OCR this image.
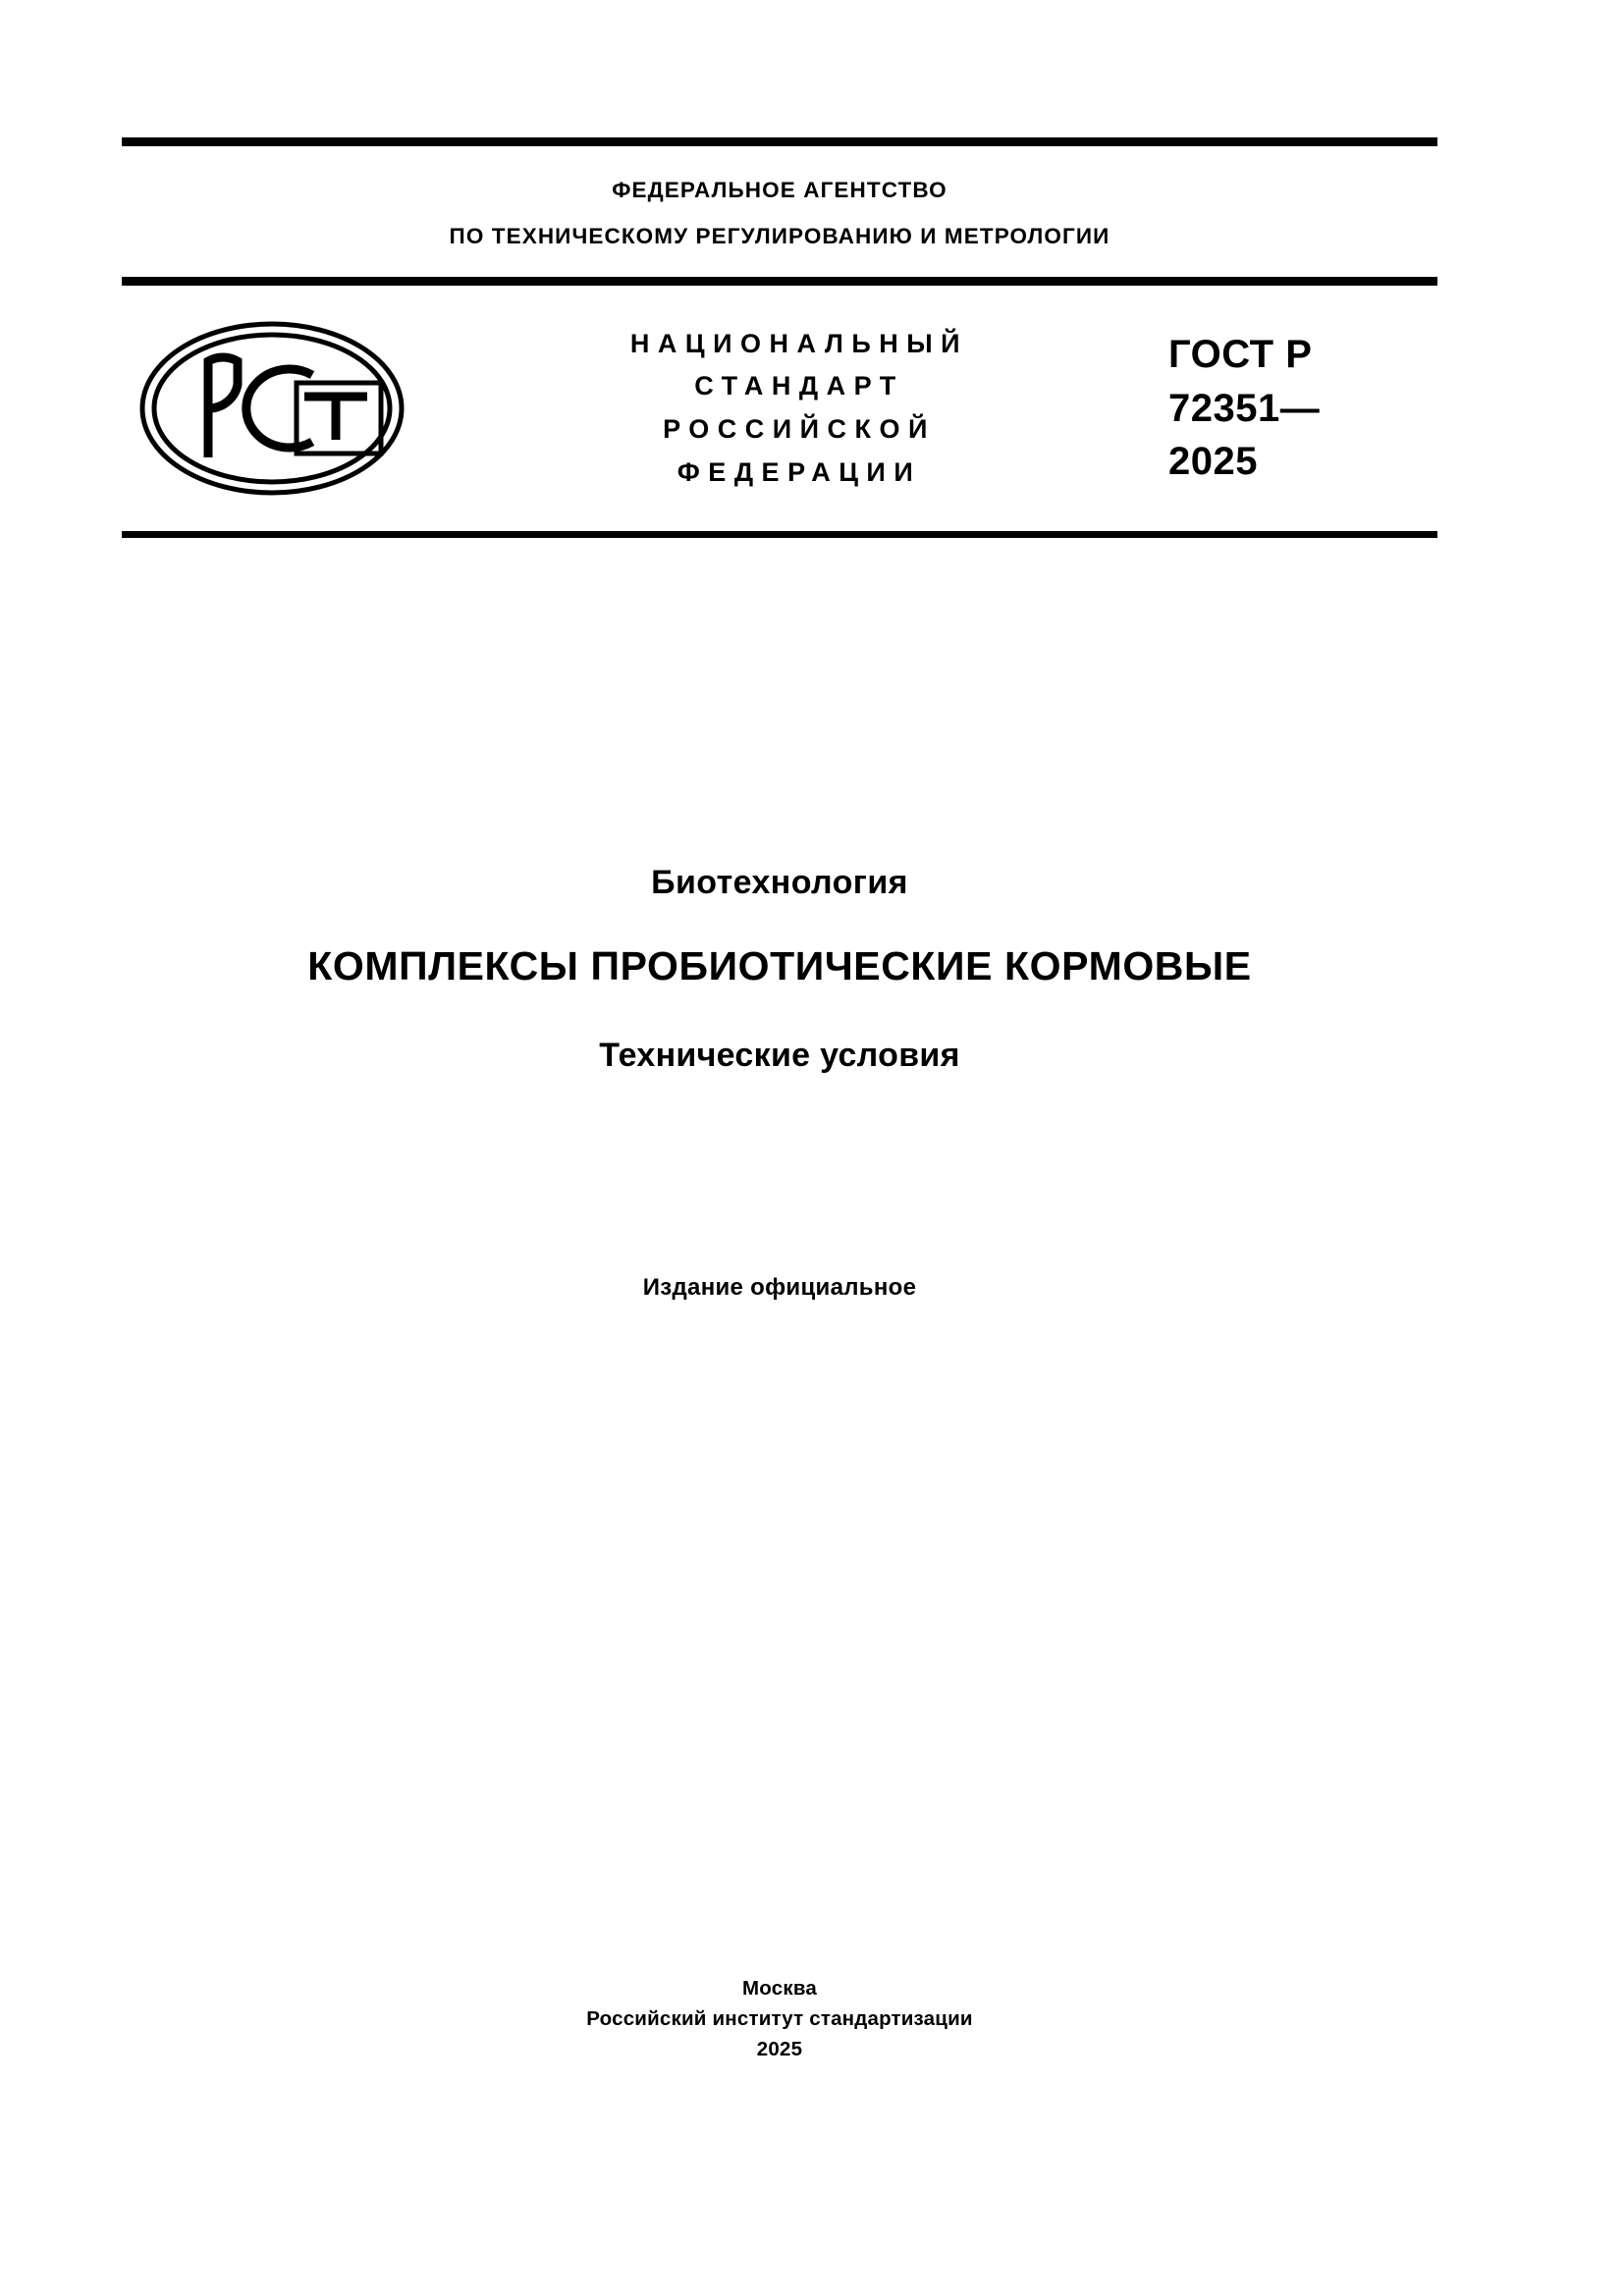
ФЕДЕРАЛЬНОЕ АГЕНТСТВО
ПО ТЕХНИЧЕСКОМУ РЕГУЛИРОВАНИЮ И МЕТРОЛОГИИ
НАЦИОНАЛЬНЫЙ
СТАНДАРТ
РОССИЙСКОЙ
ФЕДЕРАЦИИ
ГОСТ Р
72351—
2025
Биотехнология
КОМПЛЕКСЫ ПРОБИОТИЧЕСКИЕ КОРМОВЫЕ
Технические условия
Издание официальное
Москва
Российский институт стандартизации
2025
